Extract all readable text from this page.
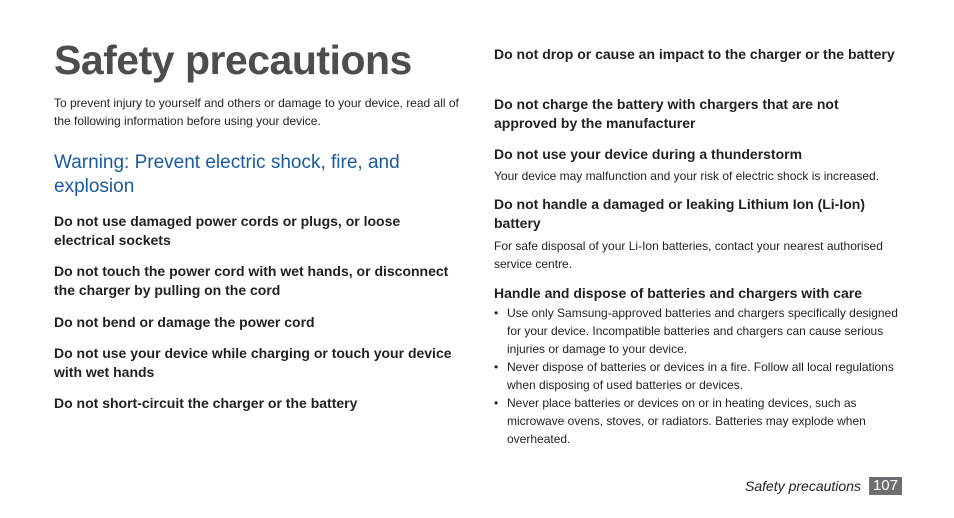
Safety precautions

To prevent injury to yourself and others or damage to your device, read all of the following information before using your device.

Warning: Prevent electric shock, fire, and explosion

Do not use damaged power cords or plugs, or loose electrical sockets

Do not touch the power cord with wet hands, or disconnect the charger by pulling on the cord

Do not bend or damage the power cord

Do not use your device while charging or touch your device with wet hands

Do not short-circuit the charger or the battery

Do not drop or cause an impact to the charger or the battery

Do not charge the battery with chargers that are not approved by the manufacturer

Do not use your device during a thunderstorm

Your device may malfunction and your risk of electric shock is increased.

Do not handle a damaged or leaking Lithium Ion (Li-Ion) battery

For safe disposal of your Li-Ion batteries, contact your nearest authorised service centre.

Handle and dispose of batteries and chargers with care

• Use only Samsung-approved batteries and chargers specifically designed for your device. Incompatible batteries and chargers can cause serious injuries or damage to your device.
• Never dispose of batteries or devices in a fire. Follow all local regulations when disposing of used batteries or devices.
• Never place batteries or devices on or in heating devices, such as microwave ovens, stoves, or radiators. Batteries may explode when overheated.
Safety precautions 107
